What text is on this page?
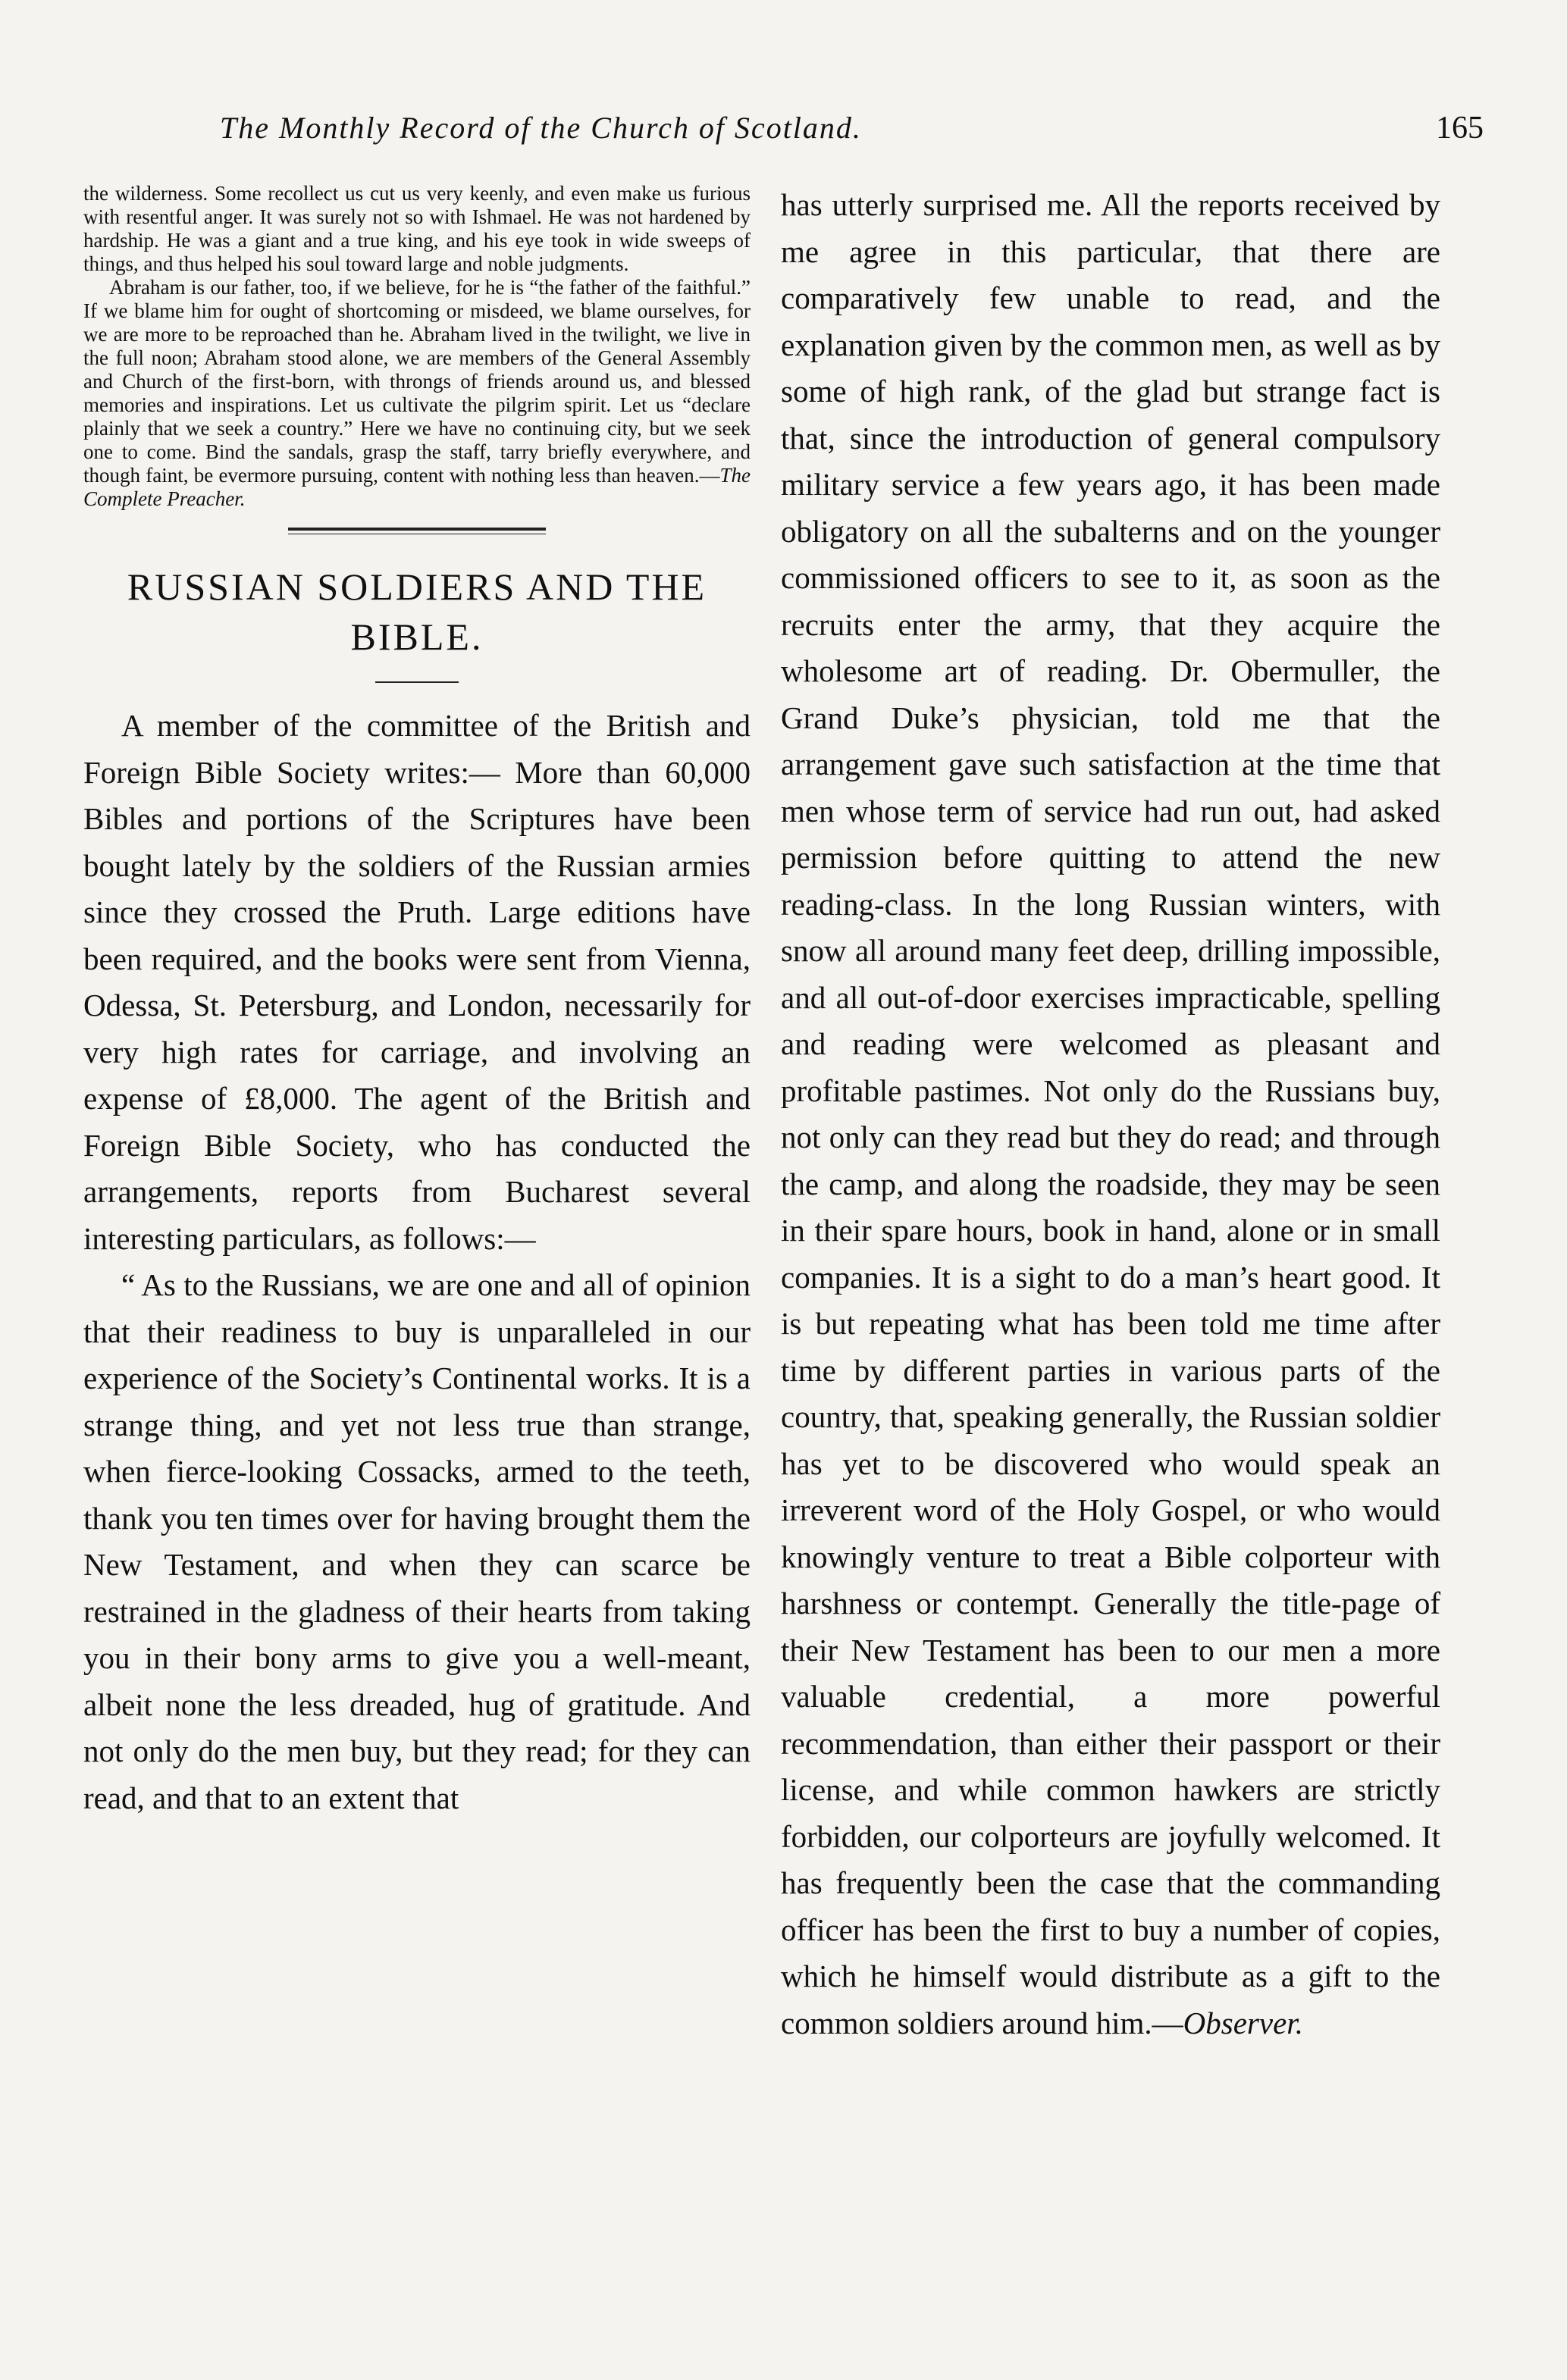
The Monthly Record of the Church of Scotland.	165

the wilderness. Some recollect us cut us very keenly, and even make us furious with resentful anger. It was surely not so with Ishmael. He was not hardened by hardship. He was a giant and a true king, and his eye took in wide sweeps of things, and thus helped his soul toward large and noble judgments.

Abraham is our father, too, if we believe, for he is “the father of the faithful.” If we blame him for ought of shortcoming or misdeed, we blame ourselves, for we are more to be reproached than he. Abraham lived in the twilight, we live in the full noon; Abraham stood alone, we are members of the General Assembly and Church of the first-born, with throngs of friends around us, and blessed memories and inspirations. Let us cultivate the pilgrim spirit. Let us “declare plainly that we seek a country.” Here we have no continuing city, but we seek one to come. Bind the sandals, grasp the staff, tarry briefly everywhere, and though faint, be evermore pursuing, content with nothing less than heaven.—The Complete Preacher.

RUSSIAN SOLDIERS AND THE
BIBLE.

A member of the committee of the British and Foreign Bible Society writes:— More than 60,000 Bibles and portions of the Scriptures have been bought lately by the soldiers of the Russian armies since they crossed the Pruth. Large editions have been required, and the books were sent from Vienna, Odessa, St. Petersburg, and London, necessarily for very high rates for carriage, and involving an expense of £8,000. The agent of the British and Foreign Bible Society, who has conducted the arrangements, reports from Bucharest several interesting particulars, as follows:—

“ As to the Russians, we are one and all of opinion that their readiness to buy is unparalleled in our experience of the Society’s Continental works. It is a strange thing, and yet not less true than strange, when fierce-looking Cossacks, armed to the teeth, thank you ten times over for having brought them the New Testament, and when they can scarce be restrained in the gladness of their hearts from taking you in their bony arms to give you a well-meant, albeit none the less dreaded, hug of gratitude. And not only do the men buy, but they read; for they can read, and that to an extent that

has utterly surprised me. All the reports received by me agree in this particular, that there are comparatively few unable to read, and the explanation given by the common men, as well as by some of high rank, of the glad but strange fact is that, since the introduction of general compulsory military service a few years ago, it has been made obligatory on all the subalterns and on the younger commissioned officers to see to it, as soon as the recruits enter the army, that they acquire the wholesome art of reading. Dr. Obermuller, the Grand Duke’s physician, told me that the arrangement gave such satisfaction at the time that men whose term of service had run out, had asked permission before quitting to attend the new reading-class. In the long Russian winters, with snow all around many feet deep, drilling impossible, and all out-of-door exercises impracticable, spelling and reading were welcomed as pleasant and profitable pastimes. Not only do the Russians buy, not only can they read but they do read; and through the camp, and along the roadside, they may be seen in their spare hours, book in hand, alone or in small companies. It is a sight to do a man’s heart good. It is but repeating what has been told me time after time by different parties in various parts of the country, that, speaking generally, the Russian soldier has yet to be discovered who would speak an irreverent word of the Holy Gospel, or who would knowingly venture to treat a Bible colporteur with harshness or contempt. Generally the title-page of their New Testament has been to our men a more valuable credential, a more powerful recommendation, than either their passport or their license, and while common hawkers are strictly forbidden, our colporteurs are joyfully welcomed. It has frequently been the case that the commanding officer has been the first to buy a number of copies, which he himself would distribute as a gift to the common soldiers around him.—Observer.
